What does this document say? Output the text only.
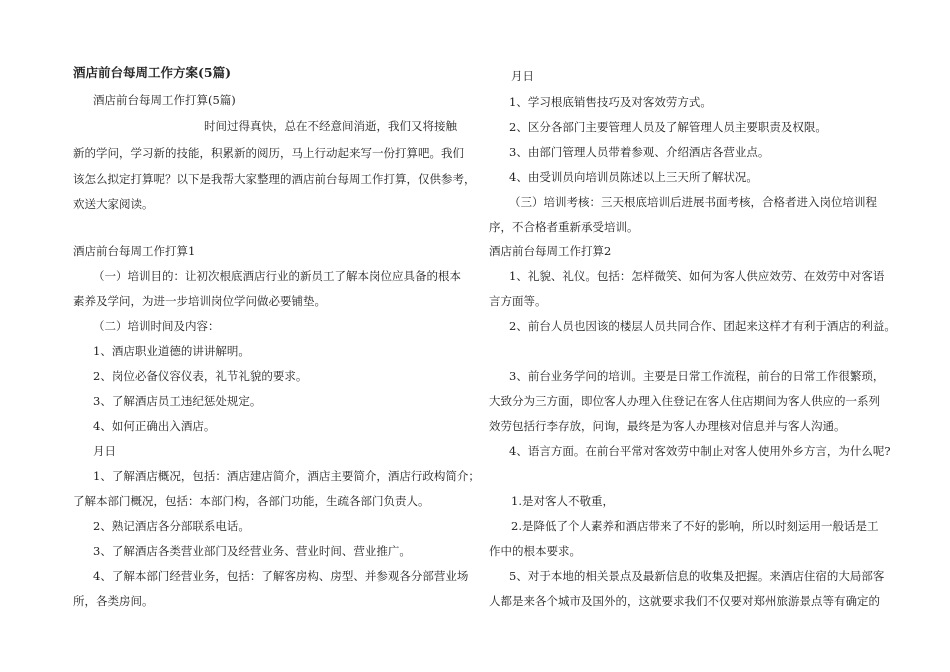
酒店前台每周工作方案(5篇)
酒店前台每周工作打算(5篇)
时间过得真快，总在不经意间消逝，我们又将接触
新的学问，学习新的技能，积累新的阅历，马上行动起来写一份打算吧。我们
该怎么拟定打算呢？以下是我帮大家整理的酒店前台每周工作打算，仅供参考，
欢送大家阅读。
酒店前台每周工作打算1
（一）培训目的：让初次根底酒店行业的新员工了解本岗位应具备的根本
素养及学问，为进一步培训岗位学问做必要铺垫。
（二）培训时间及内容：
1、酒店职业道德的讲讲解明。
2、岗位必备仪容仪表，礼节礼貌的要求。
3、了解酒店员工违纪惩处规定。
4、如何正确出入酒店。
月日
1、了解酒店概况，包括：酒店建店简介，酒店主要简介，酒店行政构简介；
了解本部门概况，包括：本部门构，各部门功能，生疏各部门负责人。
2、熟记酒店各分部联系电话。
3、了解酒店各类营业部门及经营业务、营业时间、营业推广。
4、了解本部门经营业务，包括：了解客房构、房型、并参观各分部营业场
所，各类房间。
月日
1、学习根底销售技巧及对客效劳方式。
2、区分各部门主要管理人员及了解管理人员主要职责及权限。
3、由部门管理人员带着参观、介绍酒店各营业点。
4、由受训员向培训员陈述以上三天所了解状况。
（三）培训考核：三天根底培训后进展书面考核，合格者进入岗位培训程
序，不合格者重新承受培训。
酒店前台每周工作打算2
1、礼貌、礼仪。包括：怎样微笑、如何为客人供应效劳、在效劳中对客语
言方面等。
2、前台人员也因该的楼层人员共同合作、团起来这样才有利于酒店的利益。
3、前台业务学问的培训。主要是日常工作流程，前台的日常工作很繁琐，
大致分为三方面，即位客人办理入住登记在客人住店期间为客人供应的一系列
效劳包括行李存放，问询，最终是为客人办理核对信息并与客人沟通。
4、语言方面。在前台平常对客效劳中制止对客人使用外乡方言，为什么呢?
1.是对客人不敬重，
2.是降低了个人素养和酒店带来了不好的影响，所以时刻运用一般话是工
作中的根本要求。
5、对于本地的相关景点及最新信息的收集及把握。来酒店住宿的大局部客
人都是来各个城市及国外的，这就要求我们不仅要对郑州旅游景点等有确定的
